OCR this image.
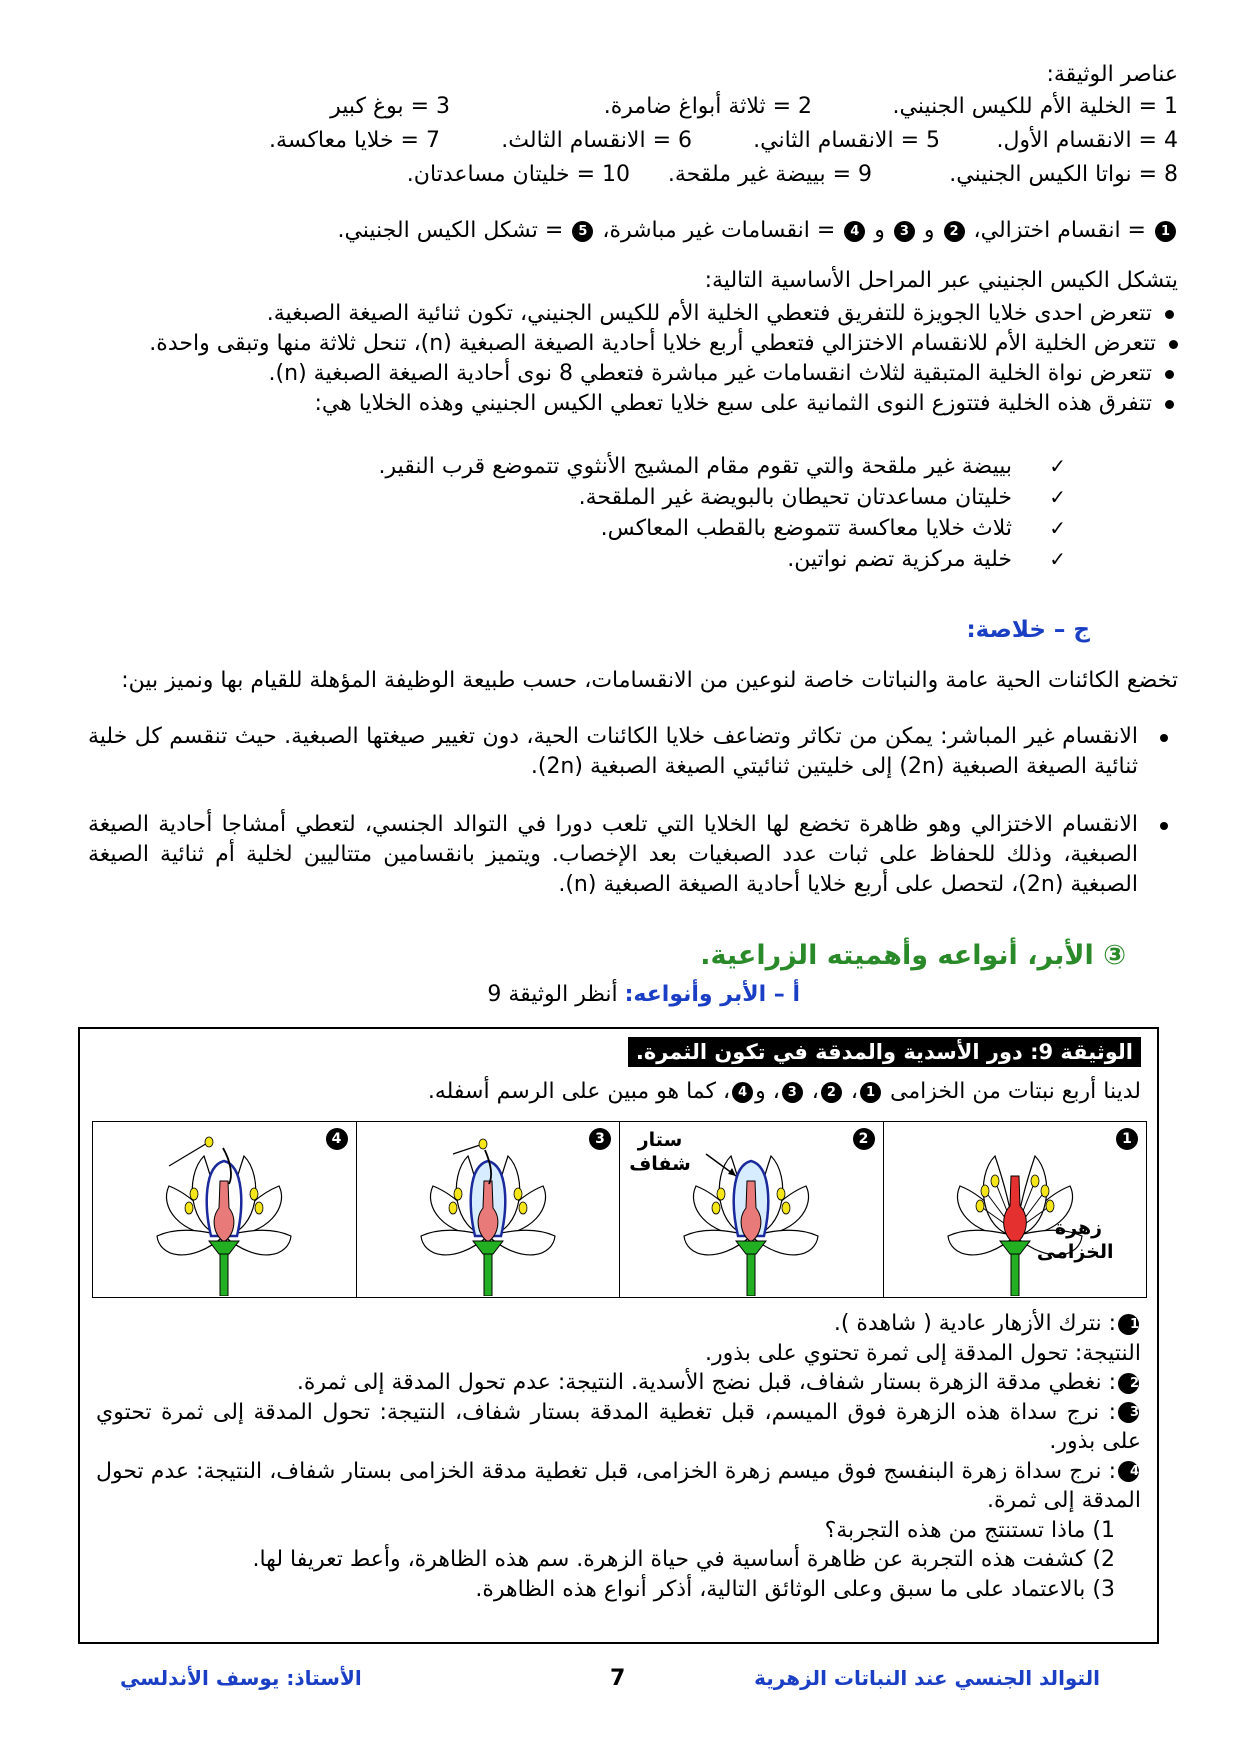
عناصر الوثيقة:
1 = الخلية الأم للكيس الجنيني.
2 = ثلاثة أبواغ ضامرة.
3 = بوغ كبير
4 = الانقسام الأول.
5 = الانقسام الثاني.
6 = الانقسام الثالث.
7 = خلايا معاكسة.
8 = نواتا الكيس الجنيني.
9 = بييضة غير ملقحة.
10 = خليتان مساعدتان.
1 = انقسام اختزالي، 2 و 3 و 4 = انقسامات غير مباشرة، 5 = تشكل الكيس الجنيني.
يتشكل الكيس الجنيني عبر المراحل الأساسية التالية:
تتعرض احدى خلايا الجويزة للتفريق فتعطي الخلية الأم للكيس الجنيني، تكون ثنائية الصيغة الصبغية.
تتعرض الخلية الأم للانقسام الاختزالي فتعطي أربع خلايا أحادية الصيغة الصبغية (n)، تنحل ثلاثة منها وتبقى واحدة.
تتعرض نواة الخلية المتبقية لثلاث انقسامات غير مباشرة فتعطي 8 نوى أحادية الصيغة الصبغية (n).
تتفرق هذه الخلية فتتوزع النوى الثمانية على سبع خلايا تعطي الكيس الجنيني وهذه الخلايا هي:
✓
بييضة غير ملقحة والتي تقوم مقام المشيج الأنثوي تتموضع قرب النقير.
✓
خليتان مساعدتان تحيطان بالبويضة غير الملقحة.
✓
ثلاث خلايا معاكسة تتموضع بالقطب المعاكس.
✓
خلية مركزية تضم نواتين.
ج – خلاصة:
تخضع الكائنات الحية عامة والنباتات خاصة لنوعين من الانقسامات، حسب طبيعة الوظيفة المؤهلة للقيام بها ونميز بين:
الانقسام غير المباشر: يمكن من تكاثر وتضاعف خلايا الكائنات الحية، دون تغيير صيغتها الصبغية. حيث تنقسم كل خلية ثنائية الصيغة الصبغية (2n) إلى خليتين ثنائيتي الصيغة الصبغية (2n).
الانقسام الاختزالي وهو ظاهرة تخضع لها الخلايا التي تلعب دورا في التوالد الجنسي، لتعطي أمشاجا أحادية الصيغة الصبغية، وذلك للحفاظ على ثبات عدد الصبغيات بعد الإخصاب. ويتميز بانقسامين متتاليين لخلية أم ثنائية الصيغة الصبغية (2n)، لتحصل على أربع خلايا أحادية الصيغة الصبغية (n).
③ الأبر، أنواعه وأهميته الزراعية.
أ – الأبر وأنواعه: أنظر الوثيقة 9
الوثيقة 9: دور الأسدية والمدقة في تكون الثمرة.
لدينا أربع نبتات من الخزامى 1، 2، 3، و4، كما هو مبين على الرسم أسفله.
1
زهرة الخزامى
2
ستار شفاف
3
4
1: نترك الأزهار عادية ( شاهدة ).
النتيجة: تحول المدقة إلى ثمرة تحتوي على بذور.
2: نغطي مدقة الزهرة بستار شفاف، قبل نضج الأسدية. النتيجة: عدم تحول المدقة إلى ثمرة.
3: نرج سداة هذه الزهرة فوق الميسم، قبل تغطية المدقة بستار شفاف، النتيجة: تحول المدقة إلى ثمرة تحتوي على بذور.
4: نرج سداة زهرة البنفسج فوق ميسم زهرة الخزامى، قبل تغطية مدقة الخزامى بستار شفاف، النتيجة: عدم تحول المدقة إلى ثمرة.
1) ماذا تستنتج من هذه التجربة؟
2) كشفت هذه التجربة عن ظاهرة أساسية في حياة الزهرة. سم هذه الظاهرة، وأعط تعريفا لها.
3) بالاعتماد على ما سبق وعلى الوثائق التالية، أذكر أنواع هذه الظاهرة.
التوالد الجنسي عند النباتات الزهرية
7
الأستاذ: يوسف الأندلسي
